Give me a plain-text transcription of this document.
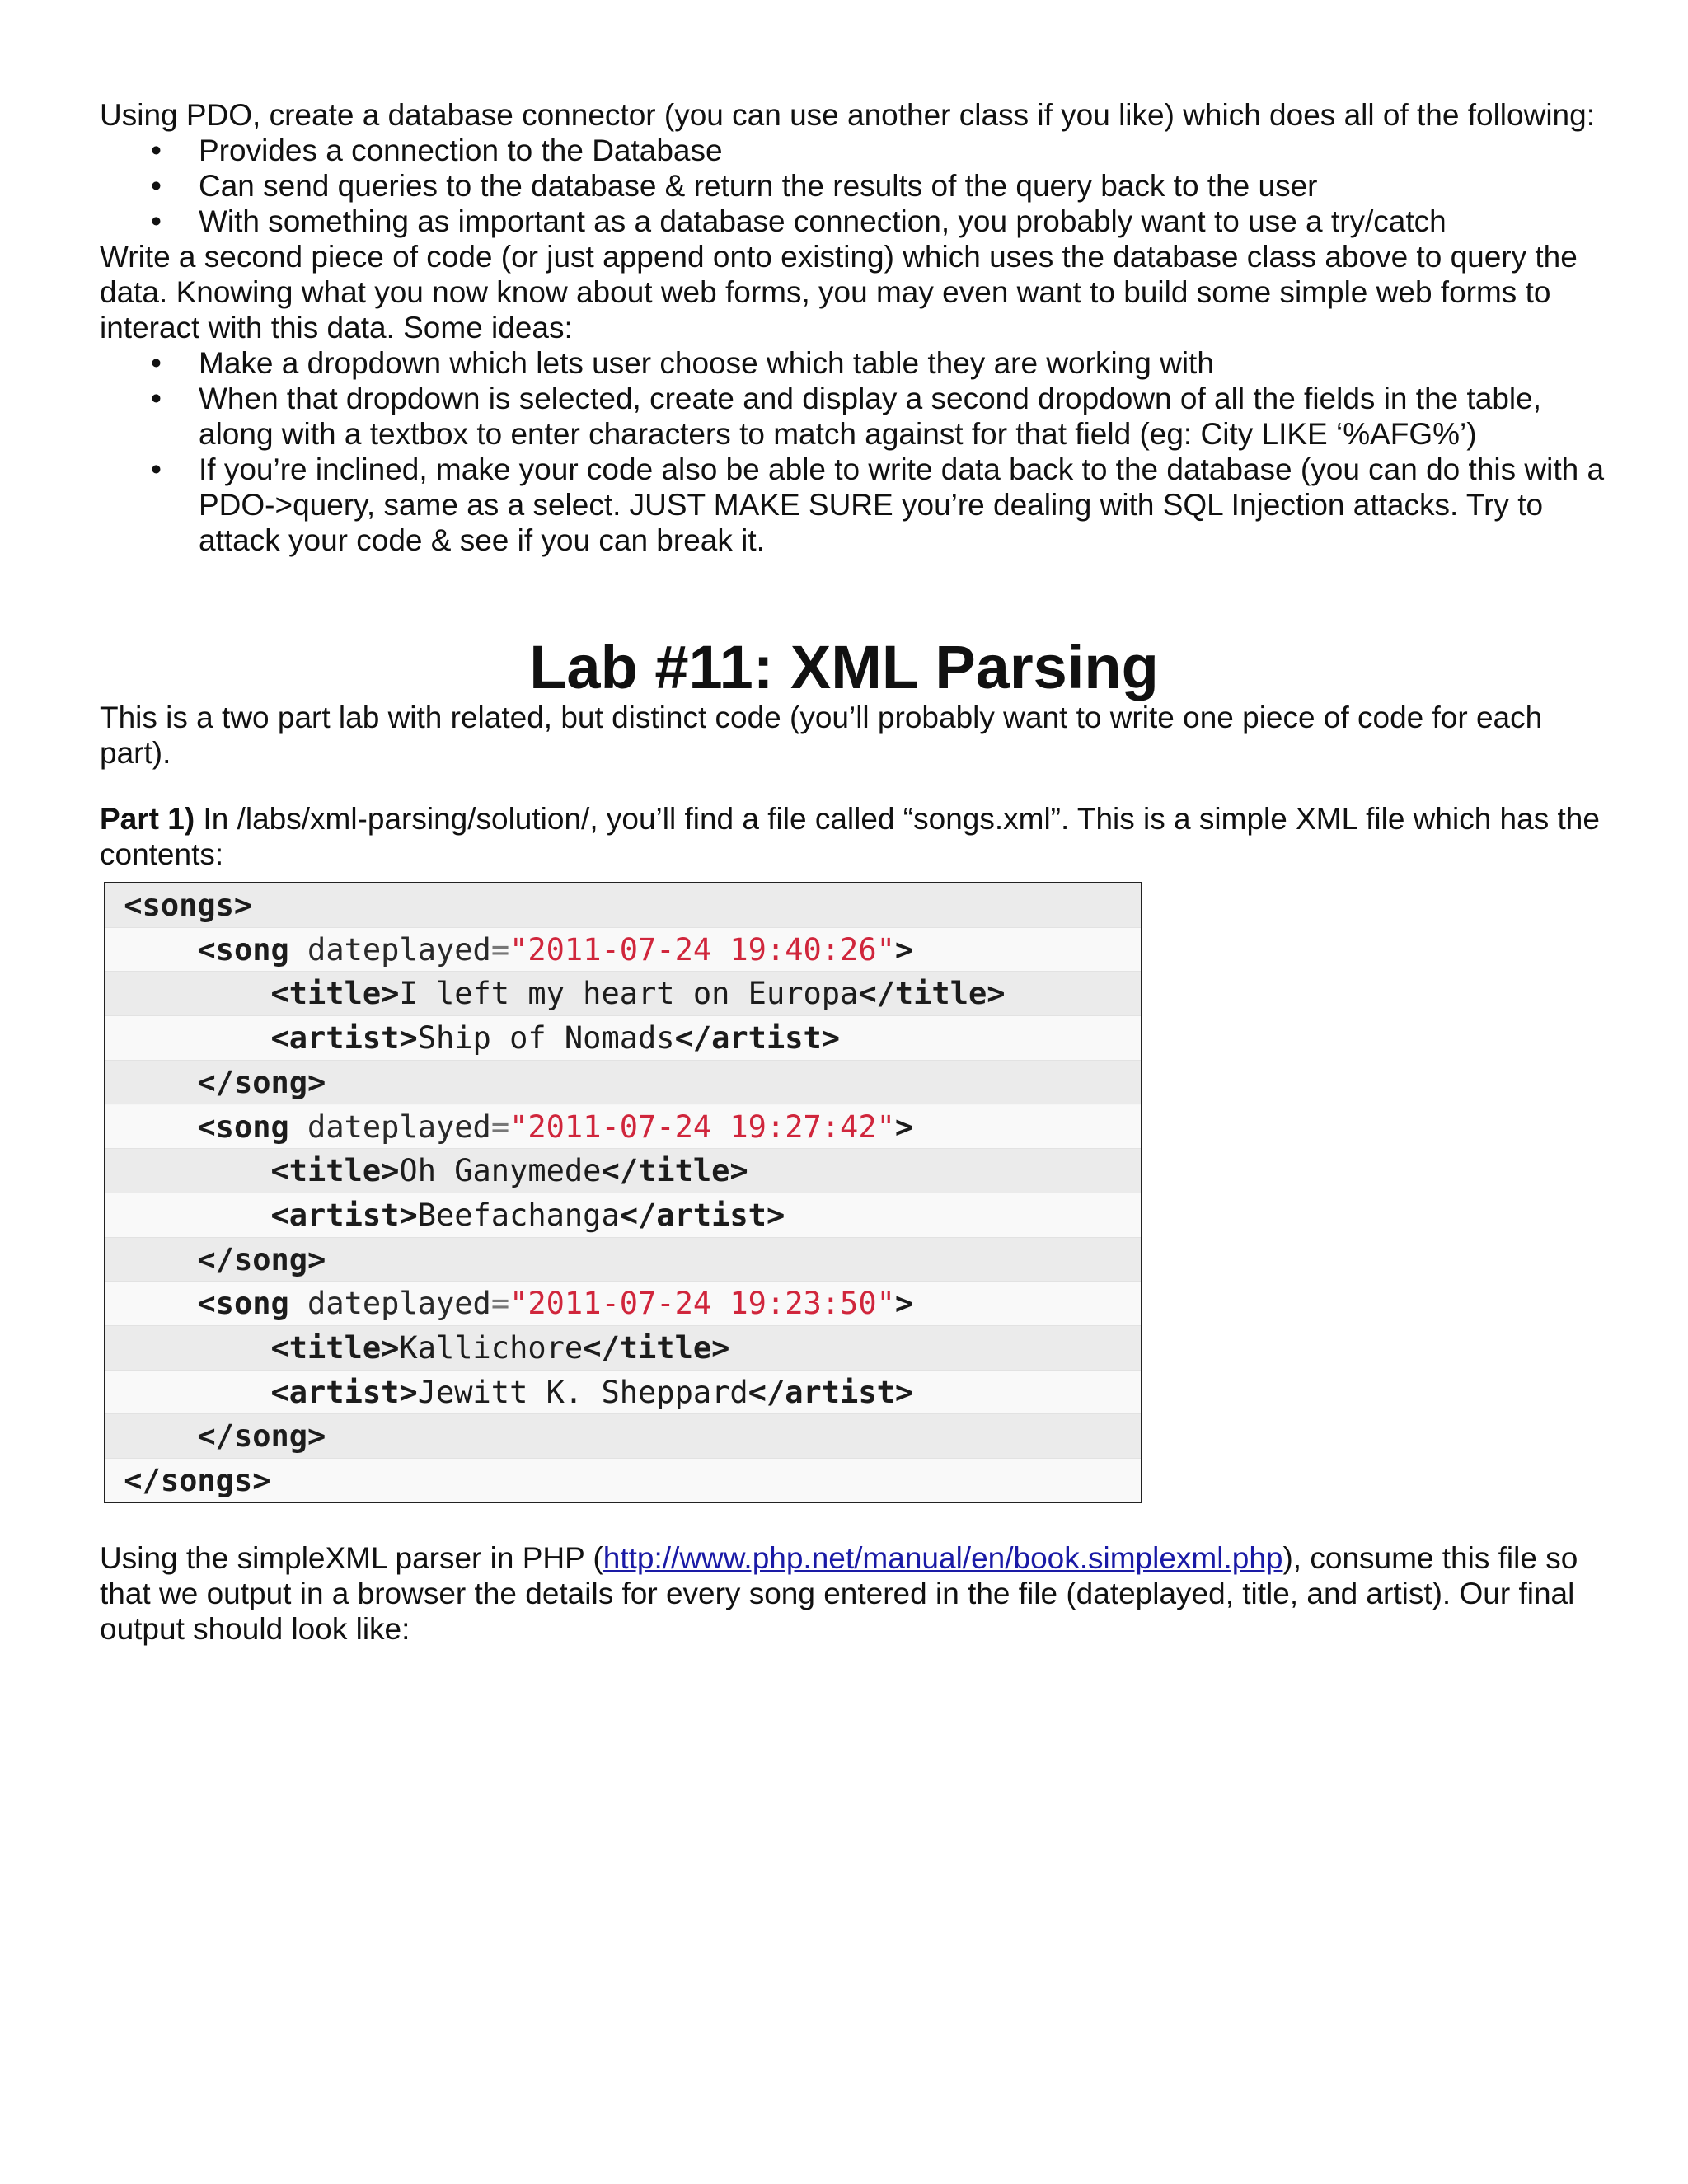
Using PDO, create a database connector (you can use another class if you like) which does all of the following:

• Provides a connection to the Database
• Can send queries to the database & return the results of the query back to the user
• With something as important as a database connection, you probably want to use a try/catch

Write a second piece of code (or just append onto existing) which uses the database class above to query the data. Knowing what you now know about web forms, you may even want to build some simple web forms to interact with this data. Some ideas:

• Make a dropdown which lets user choose which table they are working with
• When that dropdown is selected, create and display a second dropdown of all the fields in the table, along with a textbox to enter characters to match against for that field (eg: City LIKE ‘%AFG%’)
• If you’re inclined, make your code also be able to write data back to the database (you can do this with a PDO->query, same as a select. JUST MAKE SURE you’re dealing with SQL Injection attacks. Try to attack your code & see if you can break it.
Lab #11: XML Parsing

This is a two part lab with related, but distinct code (you’ll probably want to write one piece of code for each part).

Part 1) In /labs/xml-parsing/solution/, you’ll find a file called “songs.xml”. This is a simple XML file which has the contents:

<songs>
<song dateplayed="2011-07-24 19:40:26">
<title>I left my heart on Europa</title>
<artist>Ship of Nomads</artist>
</song>
<song dateplayed="2011-07-24 19:27:42">
<title>Oh Ganymede</title>
<artist>Beefachanga</artist>
</song>
<song dateplayed="2011-07-24 19:23:50">
<title>Kallichore</title>
<artist>Jewitt K. Sheppard</artist>
</song>
</songs>

Using the simpleXML parser in PHP (http://www.php.net/manual/en/book.simplexml.php), consume this file so that we output in a browser the details for every song entered in the file (dateplayed, title, and artist). Our final output should look like:
